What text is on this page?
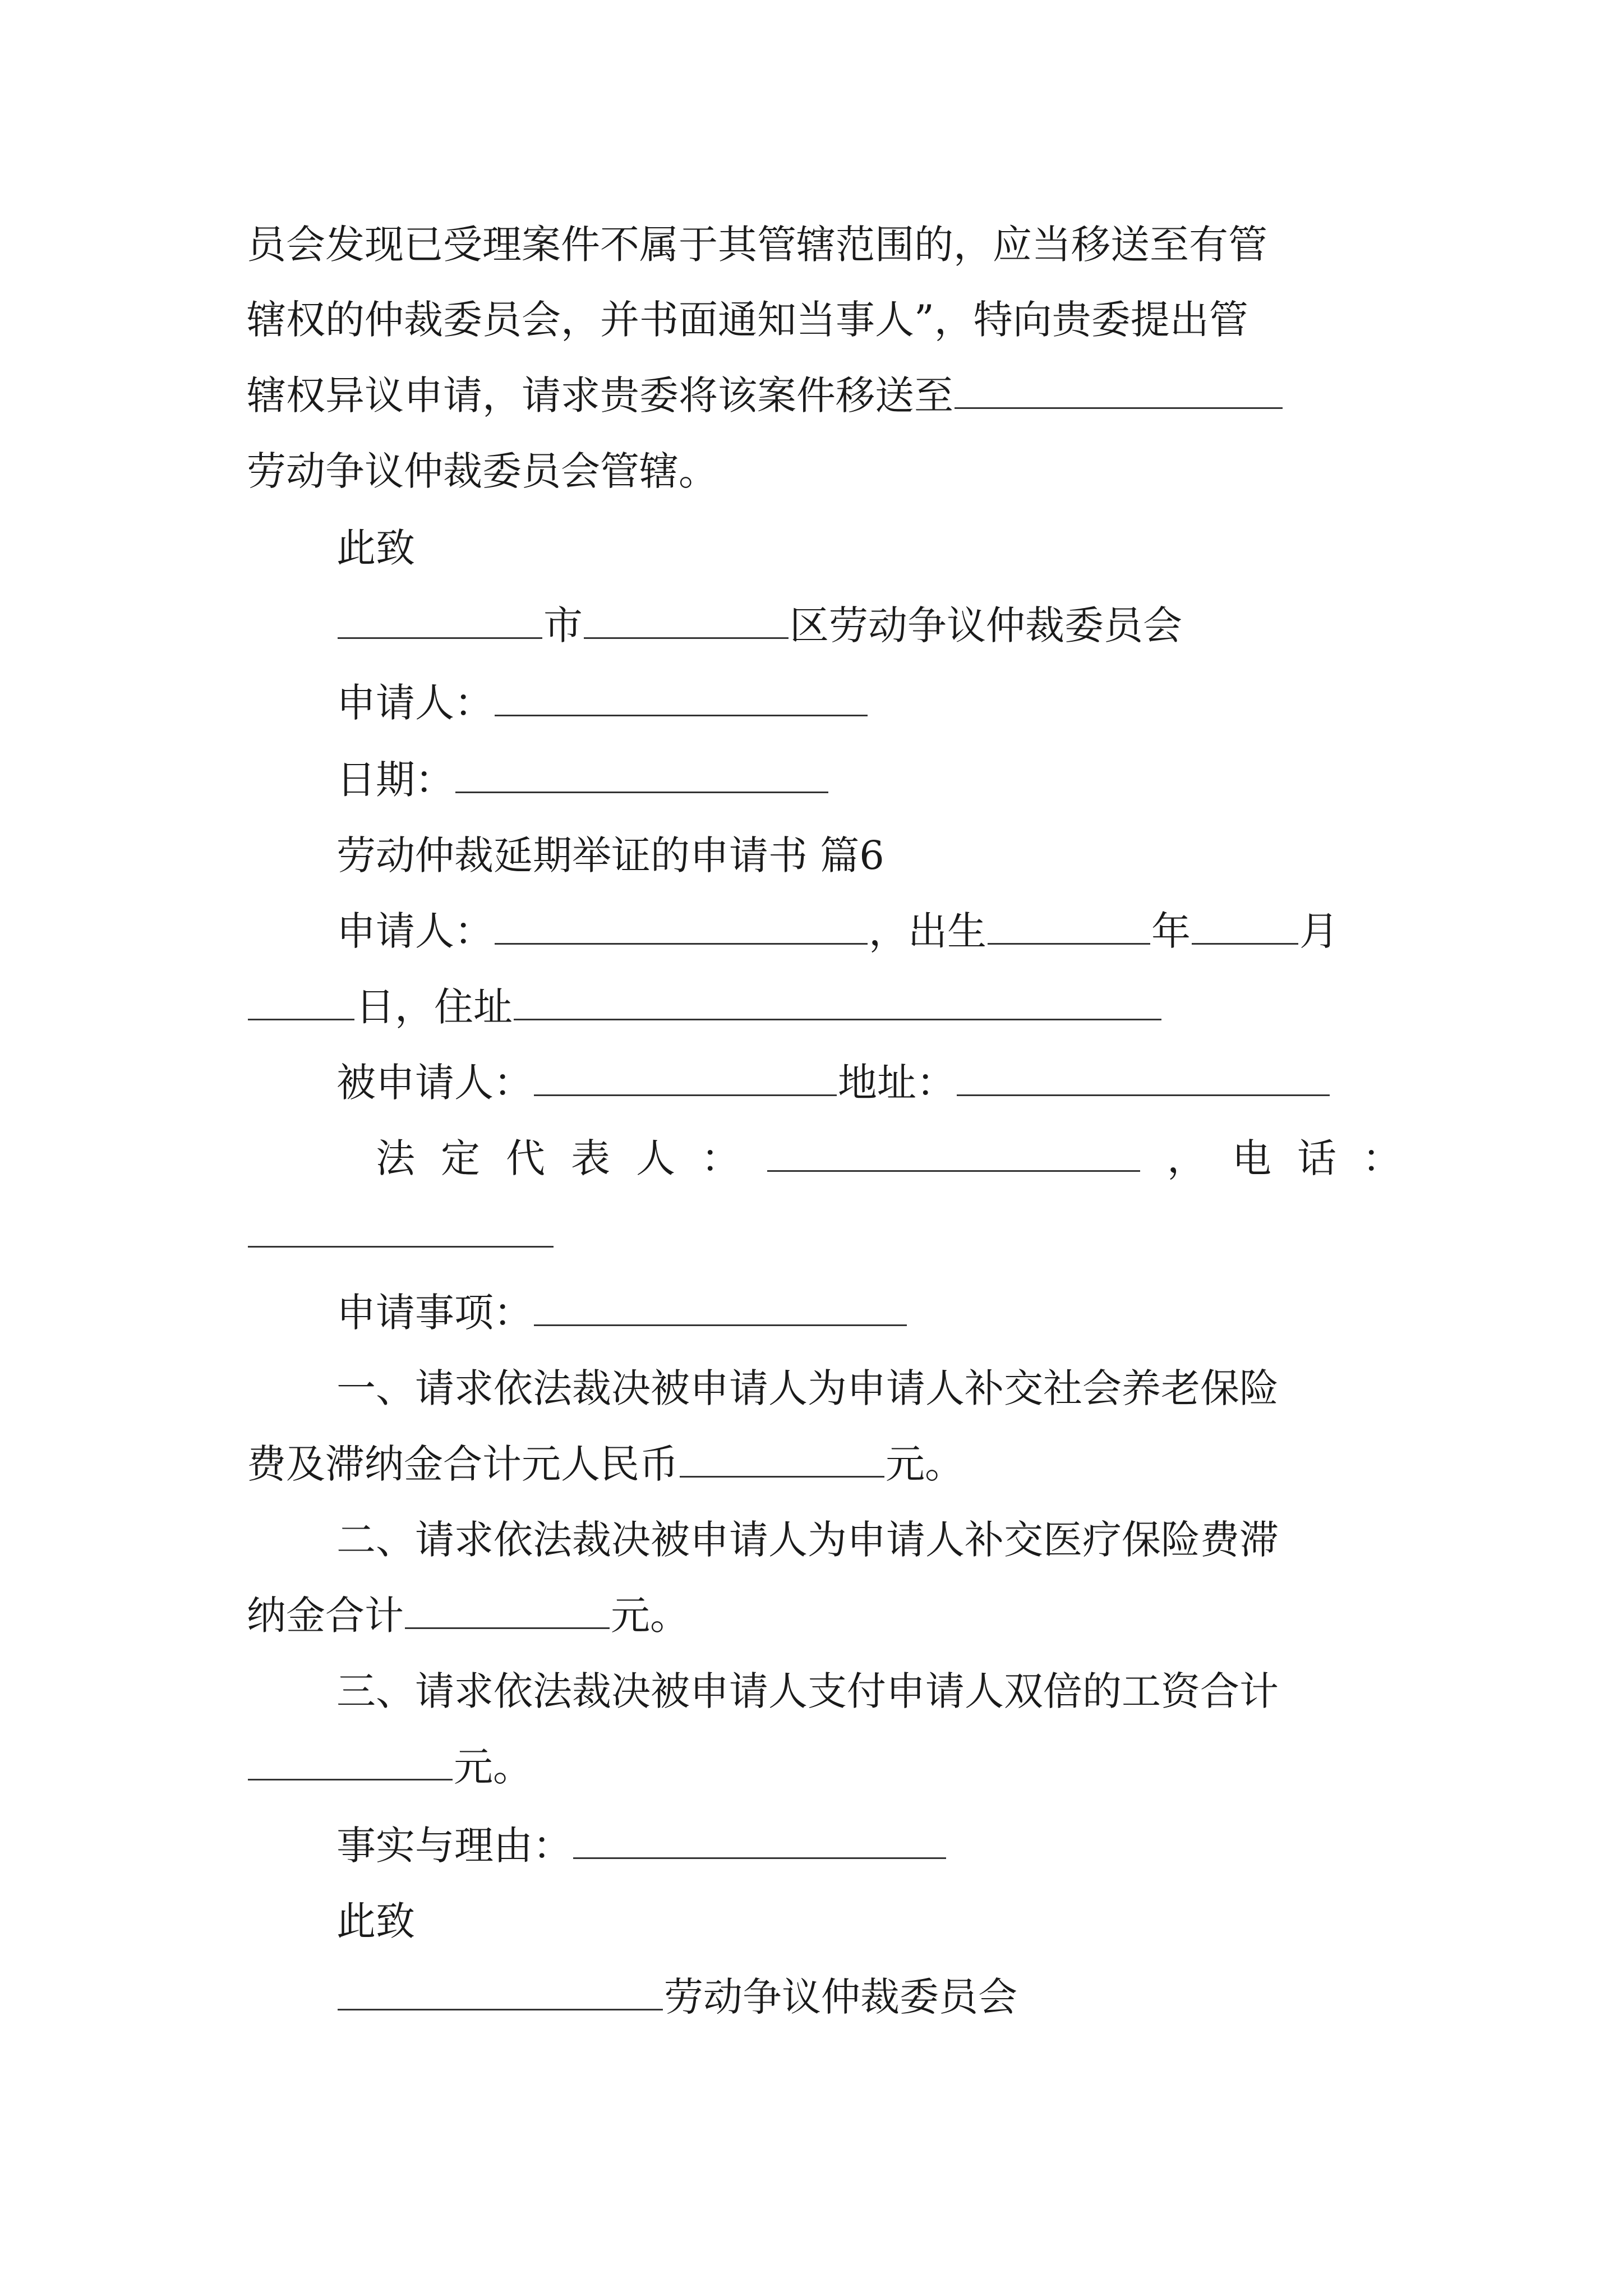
员会发现已受理案件不属于其管辖范围的，应当移送至有管
辖权的仲裁委员会，并书面通知当事人”，特向贵委提出管
辖权异议申请，请求贵委将该案件移送至
劳动争议仲裁委员会管辖。
此致
市	区劳动争议仲裁委员会
申请人：
日期：
劳动仲裁延期举证的申请书 篇6
申请人：	，出生	年	月
日，住址
被申请人：	地址：
法定代表人：	，电话：
申请事项：
一、请求依法裁决被申请人为申请人补交社会养老保险
费及滞纳金合计元人民币	元。
二、请求依法裁决被申请人为申请人补交医疗保险费滞
纳金合计	元。
三、请求依法裁决被申请人支付申请人双倍的工资合计
元。
事实与理由：
此致
劳动争议仲裁委员会
